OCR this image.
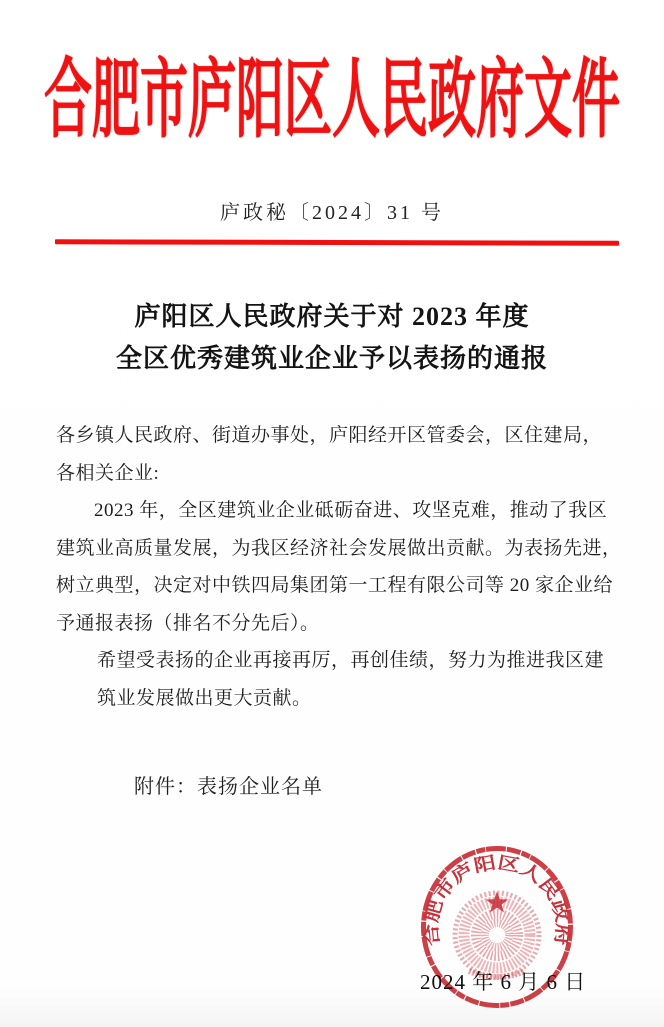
合肥市庐阳区人民政府文件
庐政秘〔2024〕31 号
庐阳区人民政府关于对 2023 年度
全区优秀建筑业企业予以表扬的通报
各乡镇人民政府、街道办事处，庐阳经开区管委会，区住建局，
各相关企业:
2023 年，全区建筑业企业砥砺奋进、攻坚克难，推动了我区
建筑业高质量发展，为我区经济社会发展做出贡献。为表扬先进，
树立典型，决定对中铁四局集团第一工程有限公司等 20 家企业给
予通报表扬（排名不分先后）。
希望受表扬的企业再接再厉，再创佳绩，努力为推进我区建
筑业发展做出更大贡献。
附件：表扬企业名单
2024 年 6 月 6 日
合肥市庐阳区人民政府
